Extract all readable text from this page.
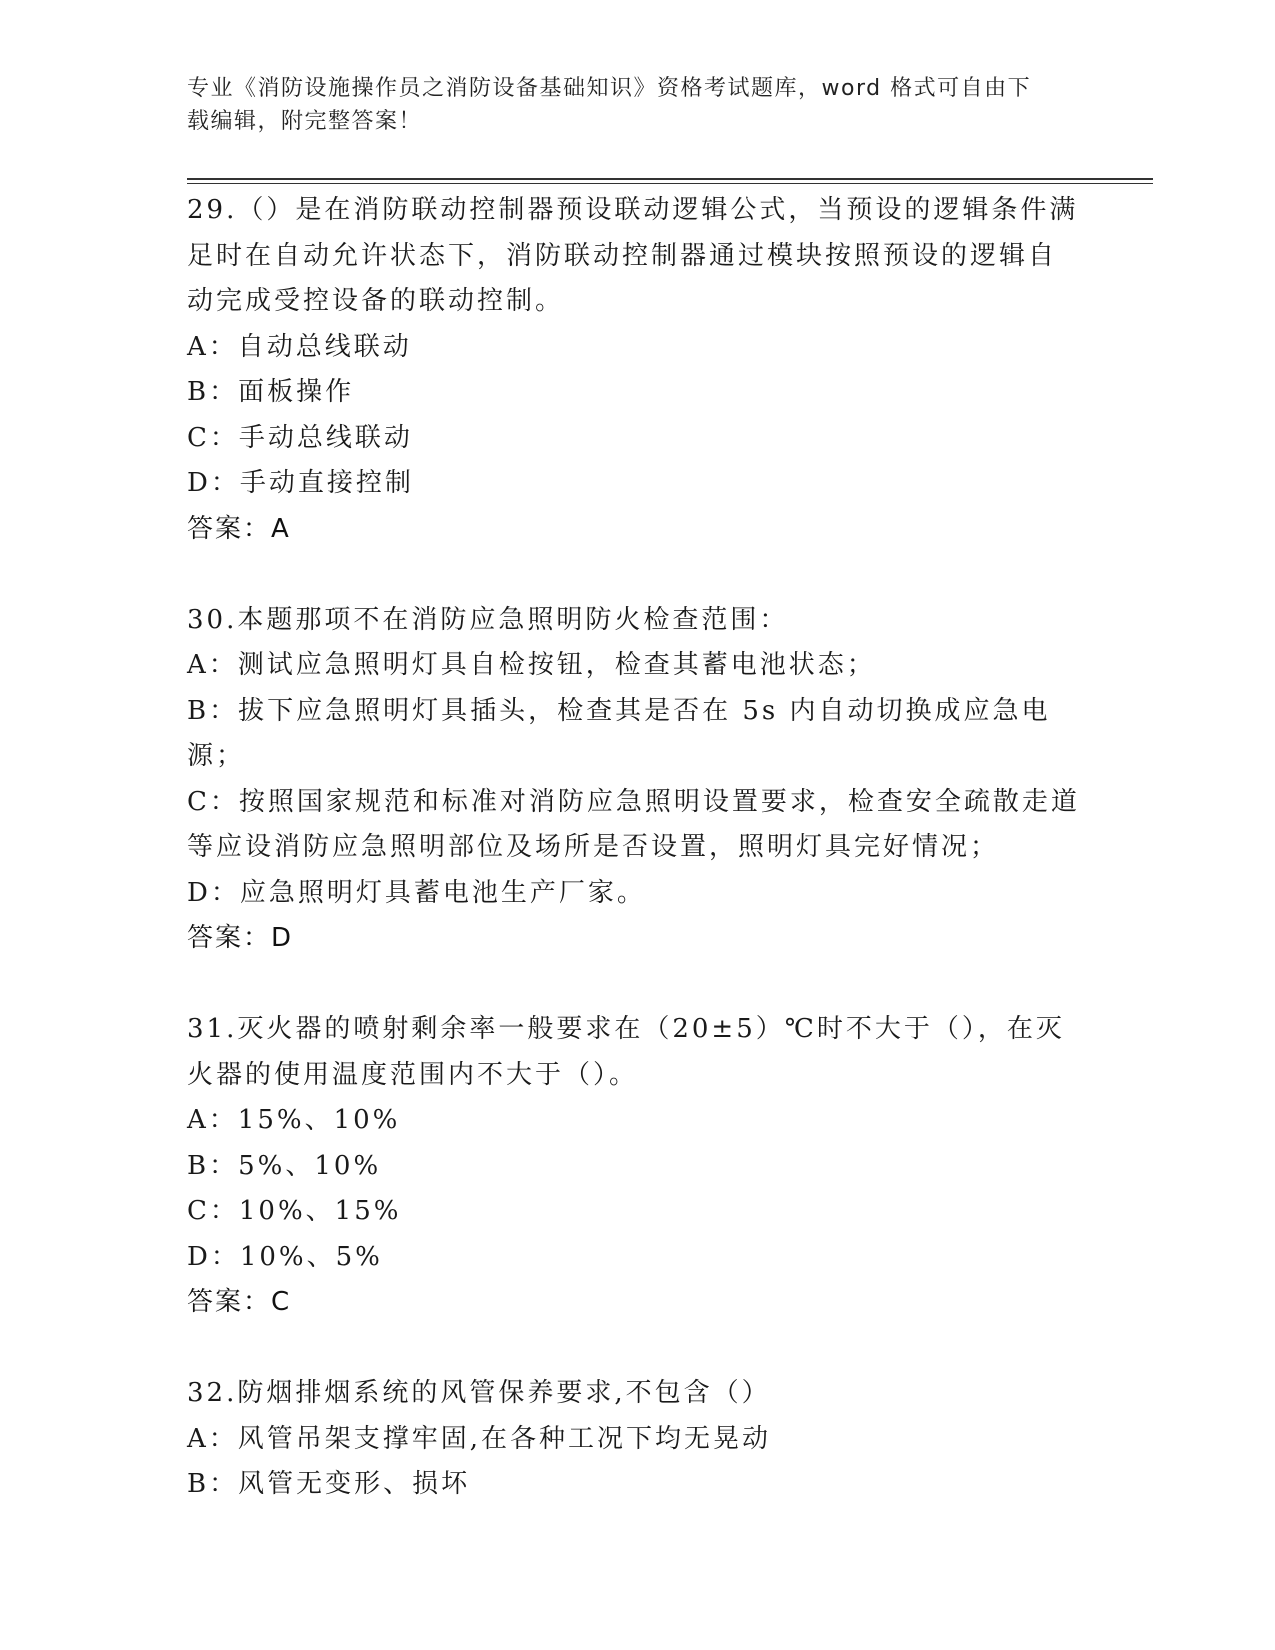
专业《消防设施操作员之消防设备基础知识》资格考试题库，word 格式可自由下
载编辑，附完整答案！

29.（）是在消防联动控制器预设联动逻辑公式，当预设的逻辑条件满

足时在自动允许状态下，消防联动控制器通过模块按照预设的逻辑自

动完成受控设备的联动控制。

A：自动总线联动

B：面板操作

C：手动总线联动

D：手动直接控制

答案：A

30.本题那项不在消防应急照明防火检查范围：

A：测试应急照明灯具自检按钮，检查其蓄电池状态；

B：拔下应急照明灯具插头，检查其是否在 5s 内自动切换成应急电源；

C：按照国家规范和标准对消防应急照明设置要求，检查安全疏散走道

等应设消防应急照明部位及场所是否设置，照明灯具完好情况；

D：应急照明灯具蓄电池生产厂家。

答案：D

31.灭火器的喷射剩余率一般要求在（20±5）℃时不大于（），在灭

火器的使用温度范围内不大于（）。

A：15%、10%

B：5%、10%

C：10%、15%

D：10%、5%

答案：C

32.防烟排烟系统的风管保养要求,不包含（）

A：风管吊架支撑牢固,在各种工况下均无晃动

B：风管无变形、损坏
